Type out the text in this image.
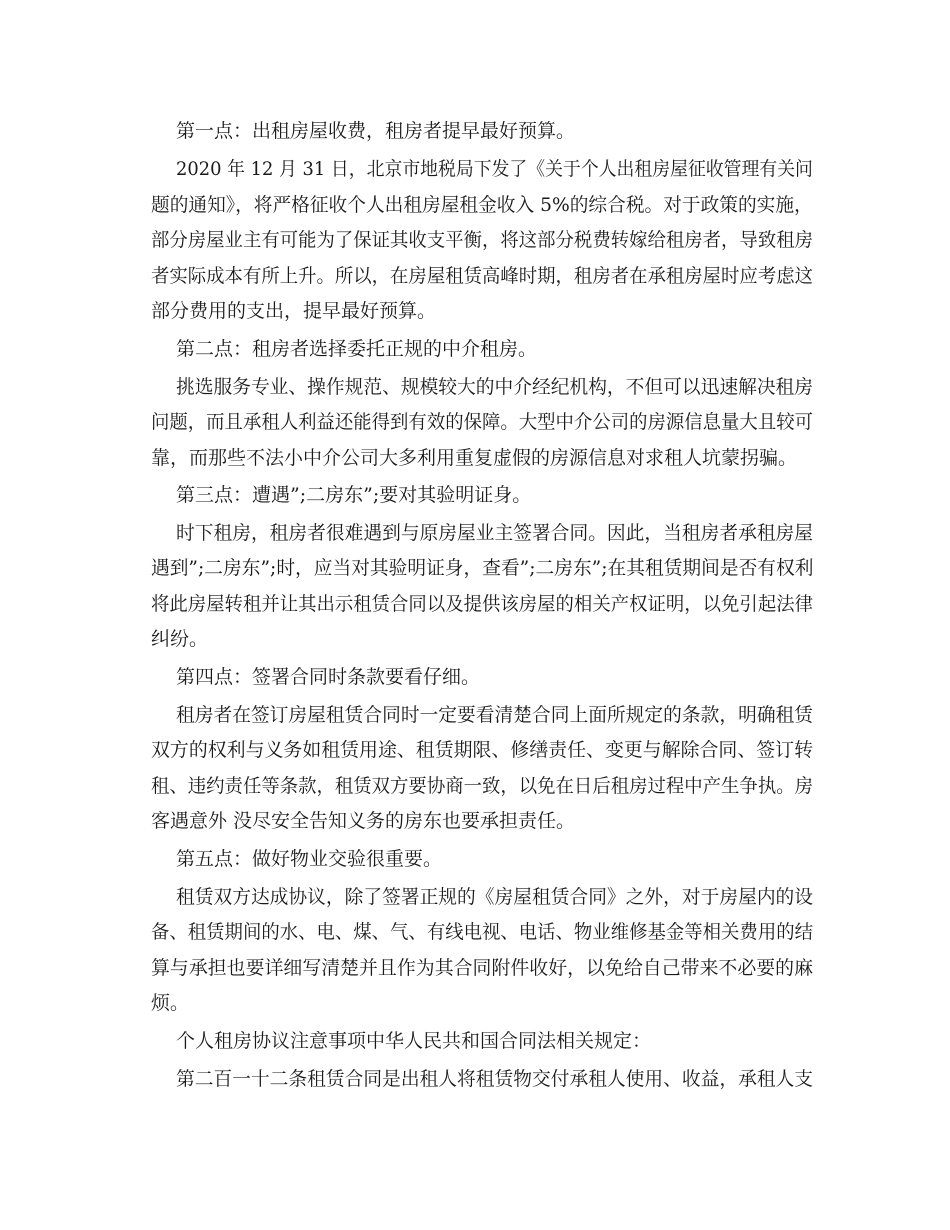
第一点：出租房屋收费，租房者提早最好预算。
2020 年 12 月 31 日，北京市地税局下发了《关于个人出租房屋征收管理有关问
题的通知》，将严格征收个人出租房屋租金收入 5%的综合税。对于政策的实施，
部分房屋业主有可能为了保证其收支平衡，将这部分税费转嫁给租房者，导致租房
者实际成本有所上升。所以，在房屋租赁高峰时期，租房者在承租房屋时应考虑这
部分费用的支出，提早最好预算。
第二点：租房者选择委托正规的中介租房。
挑选服务专业、操作规范、规模较大的中介经纪机构，不但可以迅速解决租房
问题，而且承租人利益还能得到有效的保障。大型中介公司的房源信息量大且较可
靠，而那些不法小中介公司大多利用重复虚假的房源信息对求租人坑蒙拐骗。
第三点：遭遇”;二房东”;要对其验明证身。
时下租房，租房者很难遇到与原房屋业主签署合同。因此，当租房者承租房屋
遇到”;二房东”;时，应当对其验明证身，查看”;二房东”;在其租赁期间是否有权利
将此房屋转租并让其出示租赁合同以及提供该房屋的相关产权证明，以免引起法律
纠纷。
第四点：签署合同时条款要看仔细。
租房者在签订房屋租赁合同时一定要看清楚合同上面所规定的条款，明确租赁
双方的权利与义务如租赁用途、租赁期限、修缮责任、变更与解除合同、签订转
租、违约责任等条款，租赁双方要协商一致，以免在日后租房过程中产生争执。房
客遇意外 没尽安全告知义务的房东也要承担责任。
第五点：做好物业交验很重要。
租赁双方达成协议，除了签署正规的《房屋租赁合同》之外，对于房屋内的设
备、租赁期间的水、电、煤、气、有线电视、电话、物业维修基金等相关费用的结
算与承担也要详细写清楚并且作为其合同附件收好，以免给自己带来不必要的麻
烦。
个人租房协议注意事项中华人民共和国合同法相关规定：
第二百一十二条租赁合同是出租人将租赁物交付承租人使用、收益，承租人支
